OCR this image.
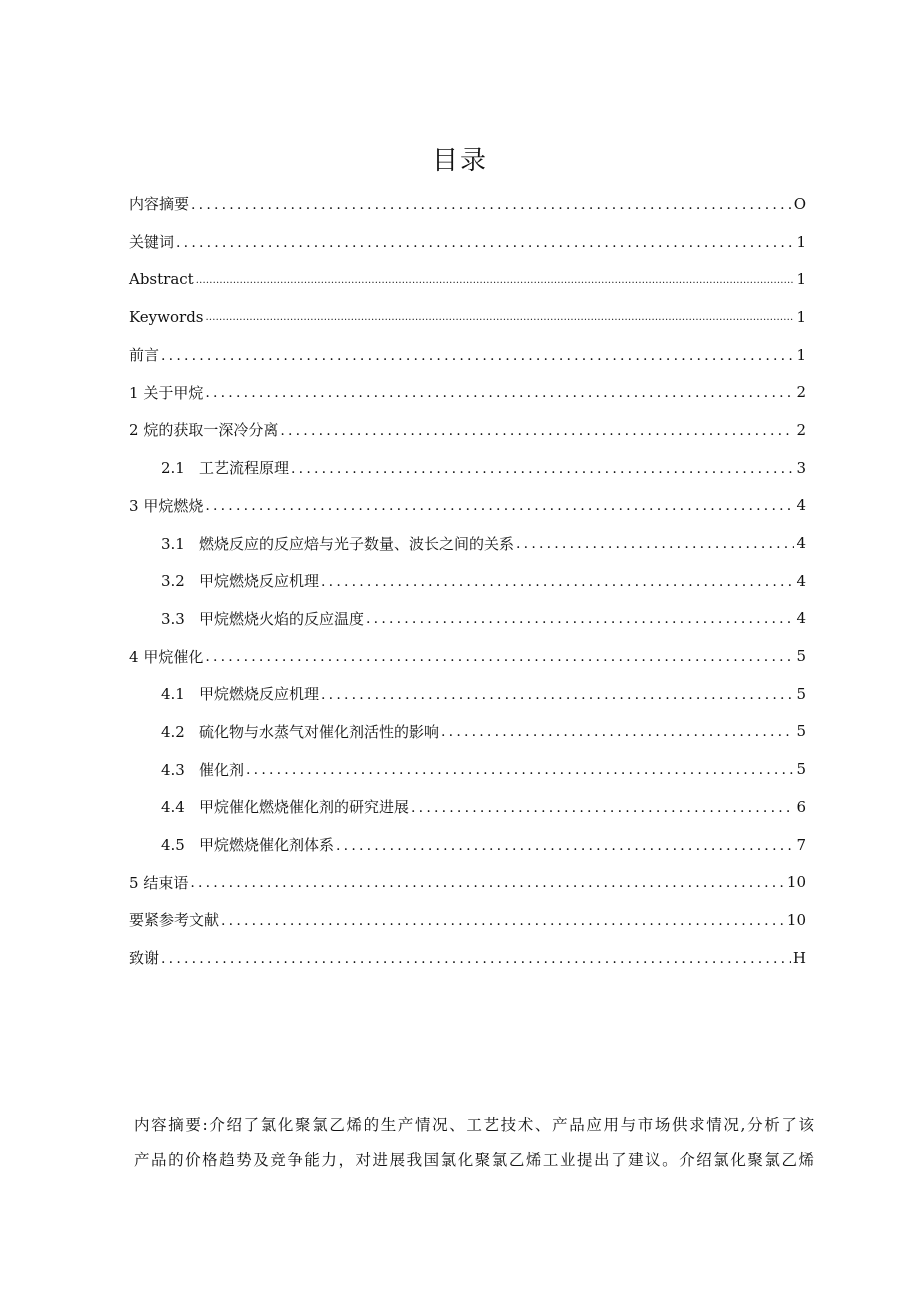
目录
内容摘要 .....	O
关键词 .....	1
Abstract .....	1
Keywords .....	1
前言 .....	1
1 关于甲烷 .....	2
2 烷的获取一深冷分离 .....	2
2.1 工艺流程原理 .....	3
3 甲烷燃烧 .....	4
3.1 燃烧反应的反应焙与光子数量、波长之间的关系 .....	4
3.2 甲烷燃烧反应机理 .....	4
3.3 甲烷燃烧火焰的反应温度 .....	4
4 甲烷催化 .....	5
4.1 甲烷燃烧反应机理 .....	5
4.2 硫化物与水蒸气对催化剂活性的影响 .....	5
4.3 催化剂 .....	5
4.4 甲烷催化燃烧催化剂的研究进展 .....	6
4.5 甲烷燃烧催化剂体系 .....	7
5 结束语 .....	10
要紧参考文献 .....	10
致谢 .....	H
内容摘要:介绍了氯化聚氯乙烯的生产情况、工艺技术、产品应用与市场供求情况,分析了该
产品的价格趋势及竞争能力，对进展我国氯化聚氯乙烯工业提出了建议。介绍氯化聚氯乙烯
